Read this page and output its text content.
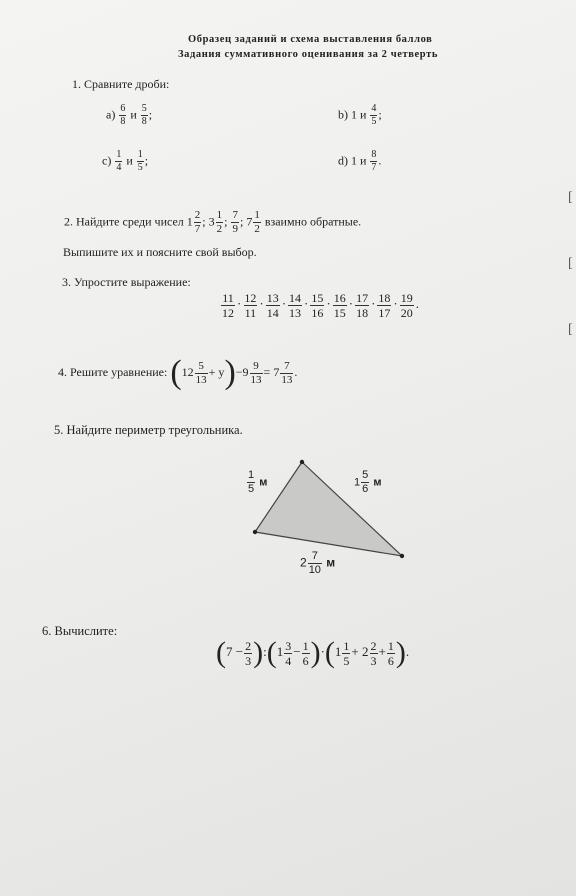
Образец заданий и схема выставления баллов
Задания суммативного оценивания за 2 четверть
1. Сравните дроби:
$a) \frac{6}{8}$ и $\frac{5}{8}$ ;	b) 1 и $\frac{4}{5}$ ;
$c) \frac{1}{4}$ и $\frac{1}{5}$ ;	d) 1 и $\frac{8}{7}$ .
2. Найдите среди чисел $1 \frac{2}{7}$ ; $3 \frac{1}{2}$ ; $\frac{7}{9}$ ; $7 \frac{1}{2}$ взаимно обратные.
Выпишите их и поясните свой выбор.
3. Упростите выражение:
$\frac{11}{12} \cdot \frac{12}{11} \cdot \frac{13}{14} \cdot \frac{14}{13} \cdot \frac{15}{16} \cdot \frac{16}{15} \cdot \frac{17}{18} \cdot \frac{18}{17} \cdot \frac{19}{20}$ .
4. Решите уравнение: $(12 \frac{5}{13} + y)-9 \frac{9}{13} = 7 \frac{7}{13}$ .
5. Найдите периметр треугольника.
$\frac{1}{5}$ м	$1 \frac{5}{6}$ м
$2 \frac{7}{10}$ м
6. Вычислите:
($7 - \frac{2}{3}$ ):(1 $\frac{3}{4} - \frac{1}{6} )\cdot(1 \frac{1}{5} + 2 \frac{2}{3} + \frac{1}{6}$ ).
[
[
[
